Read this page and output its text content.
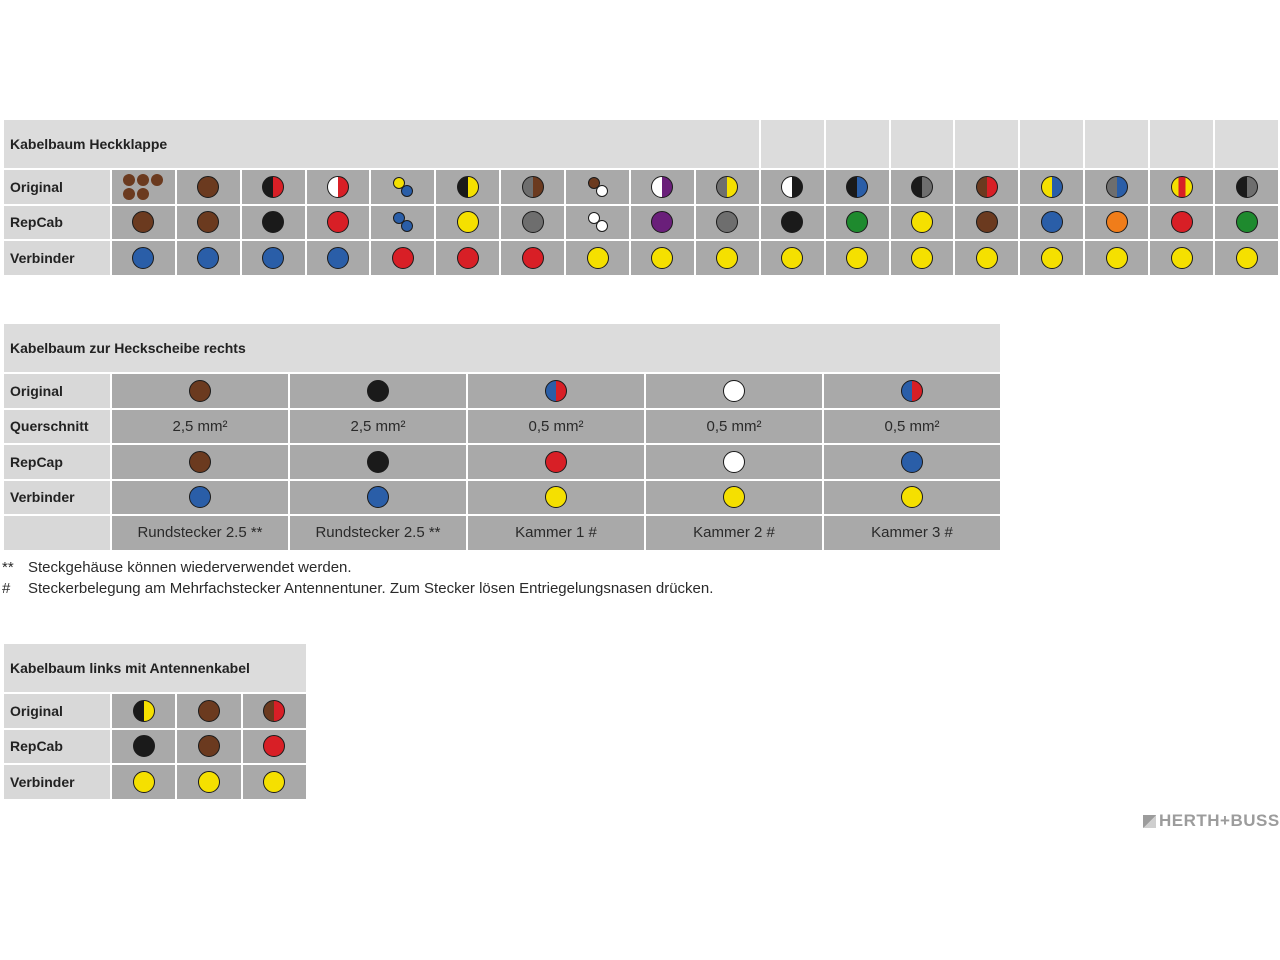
Kabelbaum Heckklappe																		
Original	

RepCab					

Verbinder																		
Kabelbaum zur Heckscheibe rechts					
Original					
Querschnitt	2,5 mm²	2,5 mm²	0,5 mm²	0,5 mm²	0,5 mm²
RepCap					
Verbinder					
	Rundstecker 2.5 **	Rundstecker 2.5 **	Kammer 1 #	Kammer 2 #	Kammer 3 #
Kabelbaum links mit Antennenkabel			
Original			
RepCab			
Verbinder			
** Steckgehäuse können wiederverwendet werden.
#	Steckerbelegung am Mehrfachstecker Antennentuner. Zum Stecker lösen Entriegelungsnasen drücken.
HERTH+BUSS
